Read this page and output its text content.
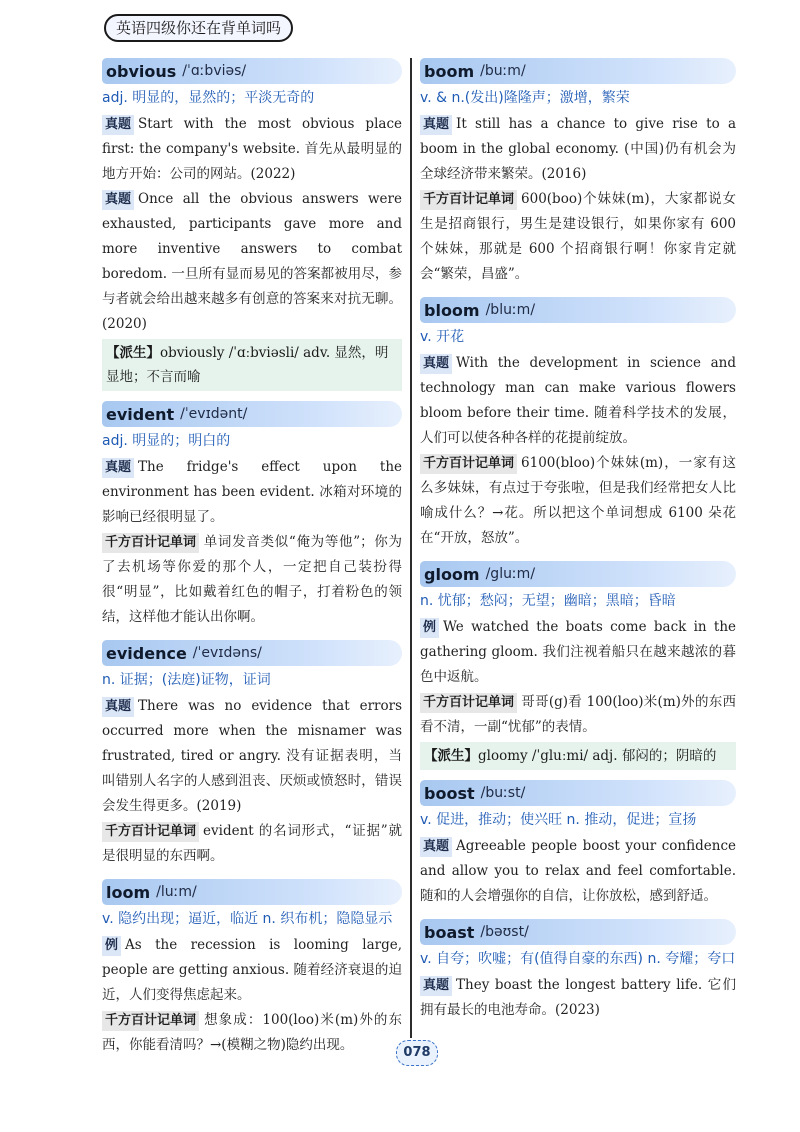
英语四级你还在背单词吗
obvious /ˈɑːbviəs/
adj. 明显的，显然的；平淡无奇的

真题 Start with the most obvious place first: the company's website. 首先从最明显的地方开始：公司的网站。(2022)

真题 Once all the obvious answers were exhausted, participants gave more and more inventive answers to combat boredom. 一旦所有显而易见的答案都被用尽，参与者就会给出越来越多有创意的答案来对抗无聊。(2020)

【派生】obviously /ˈɑːbviəsli/ adv. 显然，明显地；不言而喻
evident /ˈevɪdənt/
adj. 明显的；明白的

真题 The fridge's effect upon the environment has been evident. 冰箱对环境的影响已经很明显了。

千方百计记单词 单词发音类似“俺为等他”；你为了去机场等你爱的那个人，一定把自己装扮得很“明显”，比如戴着红色的帽子，打着粉色的领结，这样他才能认出你啊。

evidence /ˈevɪdəns/
n. 证据；(法庭)证物，证词

真题 There was no evidence that errors occurred more when the misnamer was frustrated, tired or angry. 没有证据表明，当叫错别人名字的人感到沮丧、厌烦或愤怒时，错误会发生得更多。(2019)

千方百计记单词 evident 的名词形式，“证据”就是很明显的东西啊。

loom /luːm/
v. 隐约出现；逼近，临近 n. 织布机；隐隐显示

例 As the recession is looming large, people are getting anxious. 随着经济衰退的迫近，人们变得焦虑起来。

千方百计记单词 想象成：100(loo)米(m)外的东西，你能看清吗？→(模糊之物)隐约出现。

boom /buːm/
v. & n.(发出)隆隆声；激增，繁荣

真题 It still has a chance to give rise to a boom in the global economy. (中国)仍有机会为全球经济带来繁荣。(2016)

千方百计记单词 600(boo)个妹妹(m)，大家都说女生是招商银行，男生是建设银行，如果你家有 600 个妹妹，那就是 600 个招商银行啊！你家肯定就会“繁荣，昌盛”。

bloom /bluːm/
v. 开花

真题 With the development in science and technology man can make various flowers bloom before their time. 随着科学技术的发展，人们可以使各种各样的花提前绽放。

千方百计记单词 6100(bloo)个妹妹(m)，一家有这么多妹妹，有点过于夸张啦，但是我们经常把女人比喻成什么？→花。所以把这个单词想成 6100 朵花在“开放，怒放”。

gloom /gluːm/
n. 忧郁；愁闷；无望；幽暗；黑暗；昏暗

例 We watched the boats come back in the gathering gloom. 我们注视着船只在越来越浓的暮色中返航。

千方百计记单词 哥哥(g)看 100(loo)米(m)外的东西看不清，一副“忧郁”的表情。

【派生】gloomy /ˈgluːmi/ adj. 郁闷的；阴暗的
boost /buːst/
v. 促进，推动；使兴旺 n. 推动，促进；宣扬

真题 Agreeable people boost your confidence and allow you to relax and feel comfortable. 随和的人会增强你的自信，让你放松，感到舒适。

boast /bəʊst/
v. 自夸；吹嘘；有(值得自豪的东西) n. 夸耀；夸口

真题 They boast the longest battery life. 它们拥有最长的电池寿命。(2023)

078
